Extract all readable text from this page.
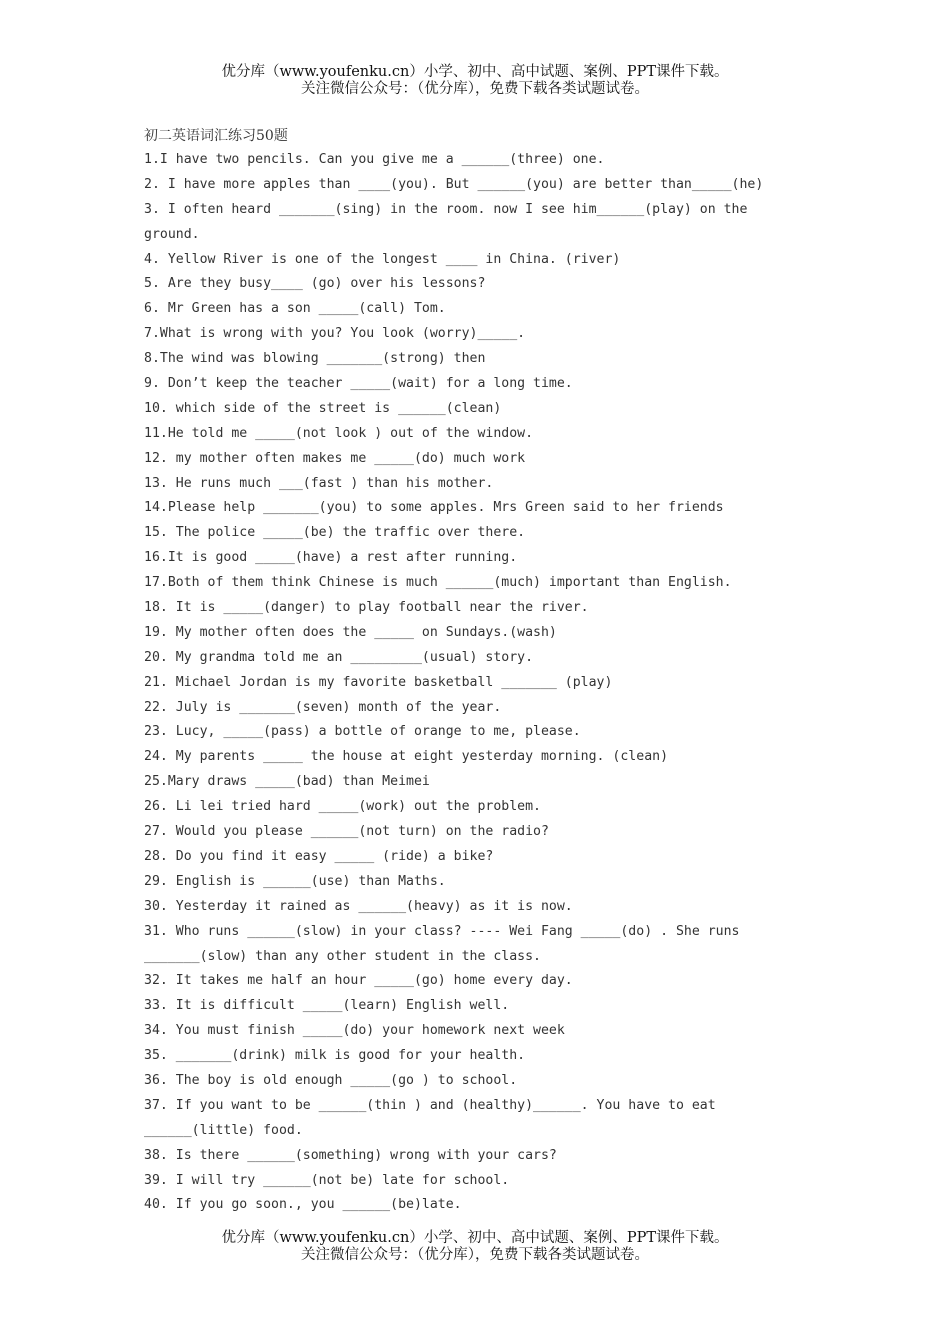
优分库（www.youfenku.cn）小学、初中、高中试题、案例、PPT课件下载。
关注微信公众号：（优分库），免费下载各类试题试卷。
初二英语词汇练习50题
1.I have two pencils. Can you give me a ______(three) one.
2. I have more apples than ____(you). But ______(you) are better than_____(he)
3. I often heard _______(sing) in the room. now I see him______(play) on the
ground.
4. Yellow River is one of the longest ____ in China. (river)
5. Are they busy____ (go) over his lessons?
6. Mr Green has a son _____(call) Tom.
7.What is wrong with you? You look (worry)_____.
8.The wind was blowing _______(strong) then
9. Don’t keep the teacher _____(wait) for a long time.
10. which side of the street is ______(clean)
11.He told me _____(not look ) out of the window.
12. my mother often makes me _____(do) much work
13. He runs much ___(fast ) than his mother.
14.Please help _______(you) to some apples. Mrs Green said to her friends
15. The police _____(be) the traffic over there.
16.It is good _____(have) a rest after running.
17.Both of them think Chinese is much ______(much) important than English.
18. It is _____(danger) to play football near the river.
19. My mother often does the _____ on Sundays.(wash)
20. My grandma told me an _________(usual) story.
21. Michael Jordan is my favorite basketball _______ (play)
22. July is _______(seven) month of the year.
23. Lucy, _____(pass) a bottle of orange to me, please.
24. My parents _____ the house at eight yesterday morning. (clean)
25.Mary draws _____(bad) than Meimei
26. Li lei tried hard _____(work) out the problem.
27. Would you please ______(not turn) on the radio?
28. Do you find it easy _____ (ride) a bike?
29. English is ______(use) than Maths.
30. Yesterday it rained as ______(heavy) as it is now.
31. Who runs ______(slow) in your class? ---- Wei Fang _____(do) . She runs
_______(slow) than any other student in the class.
32. It takes me half an hour _____(go) home every day.
33. It is difficult _____(learn) English well.
34. You must finish _____(do) your homework next week
35. _______(drink) milk is good for your health.
36. The boy is old enough _____(go ) to school.
37. If you want to be ______(thin ) and (healthy)______. You have to eat
______(little) food.
38. Is there ______(something) wrong with your cars?
39. I will try ______(not be) late for school.
40. If you go soon., you ______(be)late.
优分库（www.youfenku.cn）小学、初中、高中试题、案例、PPT课件下载。
关注微信公众号：（优分库），免费下载各类试题试卷。
